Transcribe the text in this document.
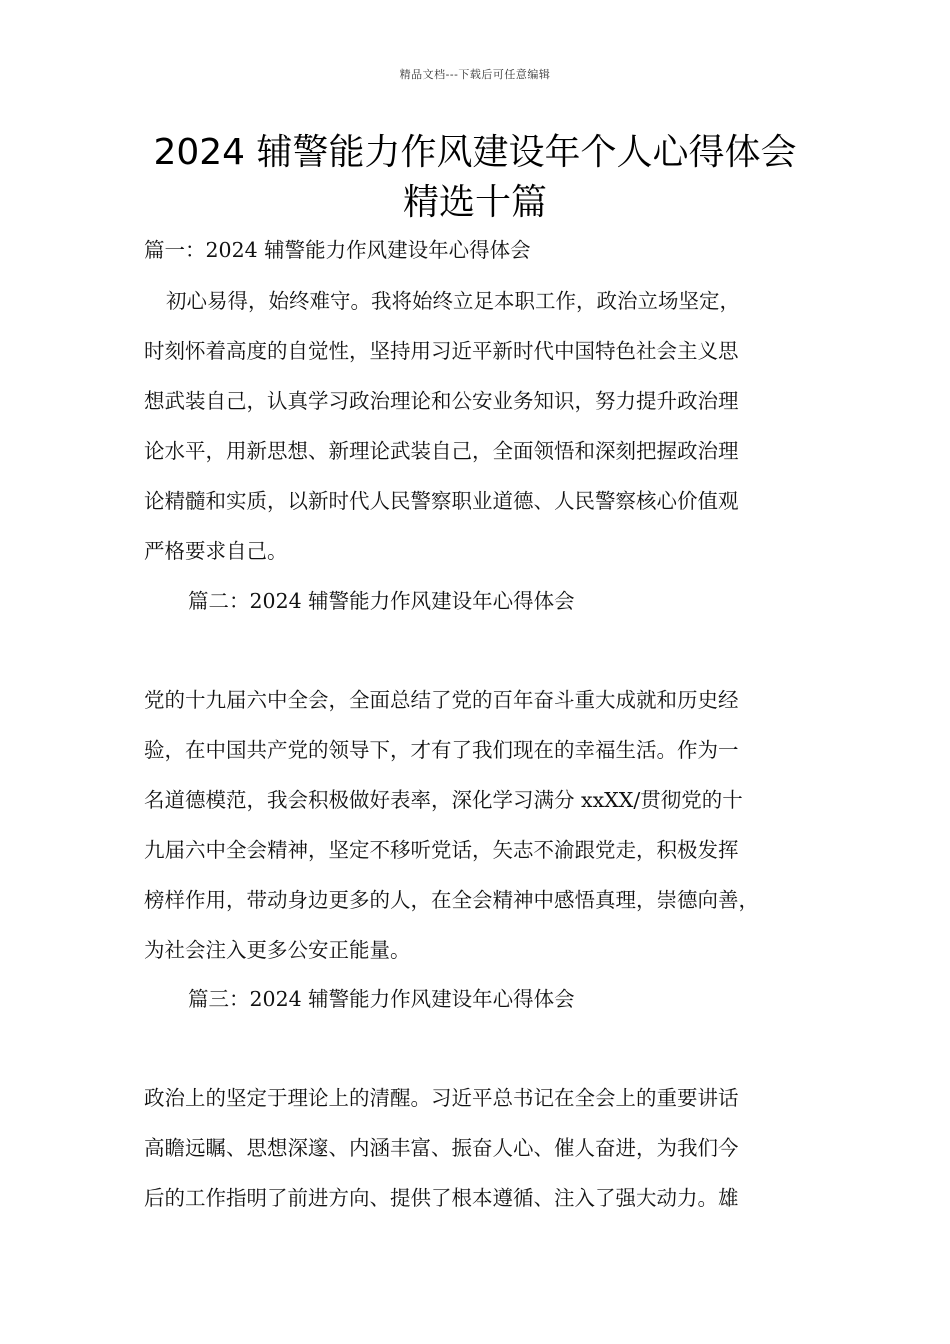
精品文档---下载后可任意编辑
2024 辅警能力作风建设年个人心得体会
精选十篇
篇一：2024 辅警能力作风建设年心得体会
初心易得，始终难守。我将始终立足本职工作，政治立场坚定，
时刻怀着高度的自觉性，坚持用习近平新时代中国特色社会主义思
想武装自己，认真学习政治理论和公安业务知识，努力提升政治理
论水平，用新思想、新理论武装自己，全面领悟和深刻把握政治理
论精髓和实质，以新时代人民警察职业道德、人民警察核心价值观
严格要求自己。
篇二：2024 辅警能力作风建设年心得体会
党的十九届六中全会，全面总结了党的百年奋斗重大成就和历史经
验，在中国共产党的领导下，才有了我们现在的幸福生活。作为一
名道德模范，我会积极做好表率，深化学习满分 xxXX/贯彻党的十
九届六中全会精神，坚定不移听党话，矢志不渝跟党走，积极发挥
榜样作用，带动身边更多的人，在全会精神中感悟真理，崇德向善，
为社会注入更多公安正能量。
篇三：2024 辅警能力作风建设年心得体会
政治上的坚定于理论上的清醒。习近平总书记在全会上的重要讲话
高瞻远瞩、思想深邃、内涵丰富、振奋人心、催人奋进，为我们今
后的工作指明了前进方向、提供了根本遵循、注入了强大动力。雄
